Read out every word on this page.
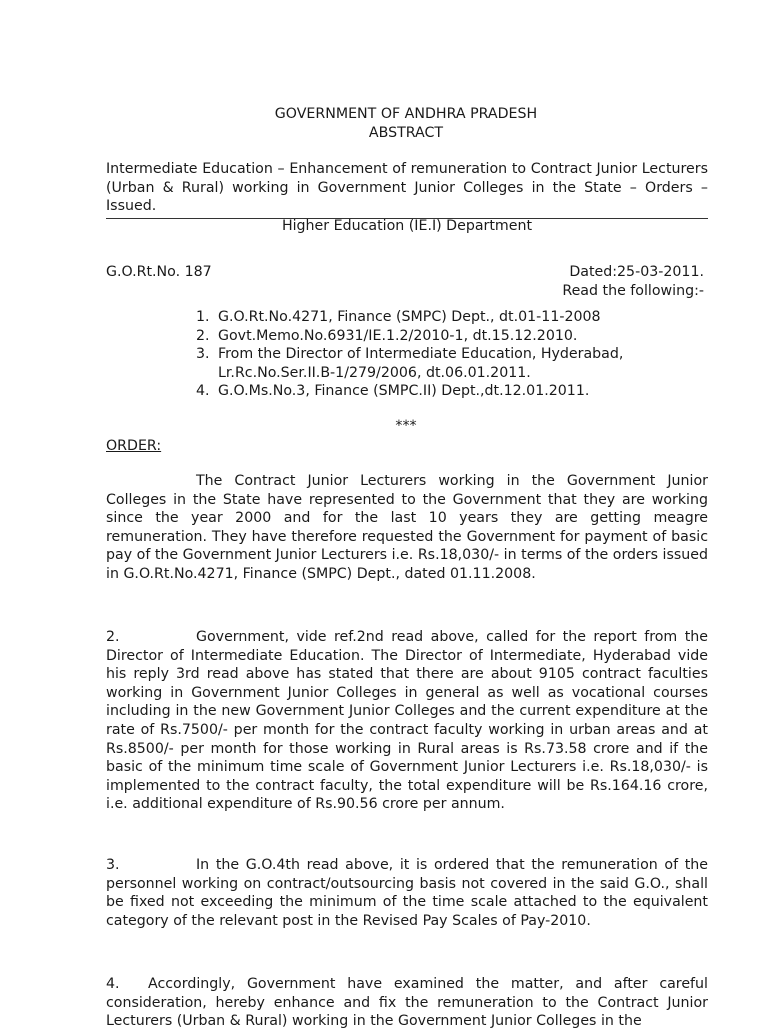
GOVERNMENT OF ANDHRA PRADESH
ABSTRACT
Intermediate Education – Enhancement of remuneration to Contract Junior Lecturers (Urban & Rural) working in Government Junior Colleges in the State – Orders – Issued.
Higher Education (IE.I) Department
G.O.Rt.No. 187	Dated:25-03-2011.
Read the following:-
1. G.O.Rt.No.4271, Finance (SMPC) Dept., dt.01-11-2008
2. Govt.Memo.No.6931/IE.1.2/2010-1, dt.15.12.2010.
3. From the Director of Intermediate Education, Hyderabad, Lr.Rc.No.Ser.II.B-1/279/2006, dt.06.01.2011.
4. G.O.Ms.No.3, Finance (SMPC.II) Dept.,dt.12.01.2011.
***
ORDER:

The Contract Junior Lecturers working in the Government Junior Colleges in the State have represented to the Government that they are working since the year 2000 and for the last 10 years they are getting meagre remuneration. They have therefore requested the Government for payment of basic pay of the Government Junior Lecturers i.e. Rs.18,030/- in terms of the orders issued in G.O.Rt.No.4271, Finance (SMPC) Dept., dated 01.11.2008.

2.	Government, vide ref.2nd read above, called for the report from the Director of Intermediate Education. The Director of Intermediate, Hyderabad vide his reply 3rd read above has stated that there are about 9105 contract faculties working in Government Junior Colleges in general as well as vocational courses including in the new Government Junior Colleges and the current expenditure at the rate of Rs.7500/- per month for the contract faculty working in urban areas and at Rs.8500/- per month for those working in Rural areas is Rs.73.58 crore and if the basic of the minimum time scale of Government Junior Lecturers i.e. Rs.18,030/- is implemented to the contract faculty, the total expenditure will be Rs.164.16 crore, i.e. additional expenditure of Rs.90.56 crore per annum.

3.	In the G.O.4th read above, it is ordered that the remuneration of the personnel working on contract/outsourcing basis not covered in the said G.O., shall be fixed not exceeding the minimum of the time scale attached to the equivalent category of the relevant post in the Revised Pay Scales of Pay-2010.

4. Accordingly, Government have examined the matter, and after careful consideration, hereby enhance and fix the remuneration to the Contract Junior Lecturers (Urban & Rural) working in the Government Junior Colleges in the
